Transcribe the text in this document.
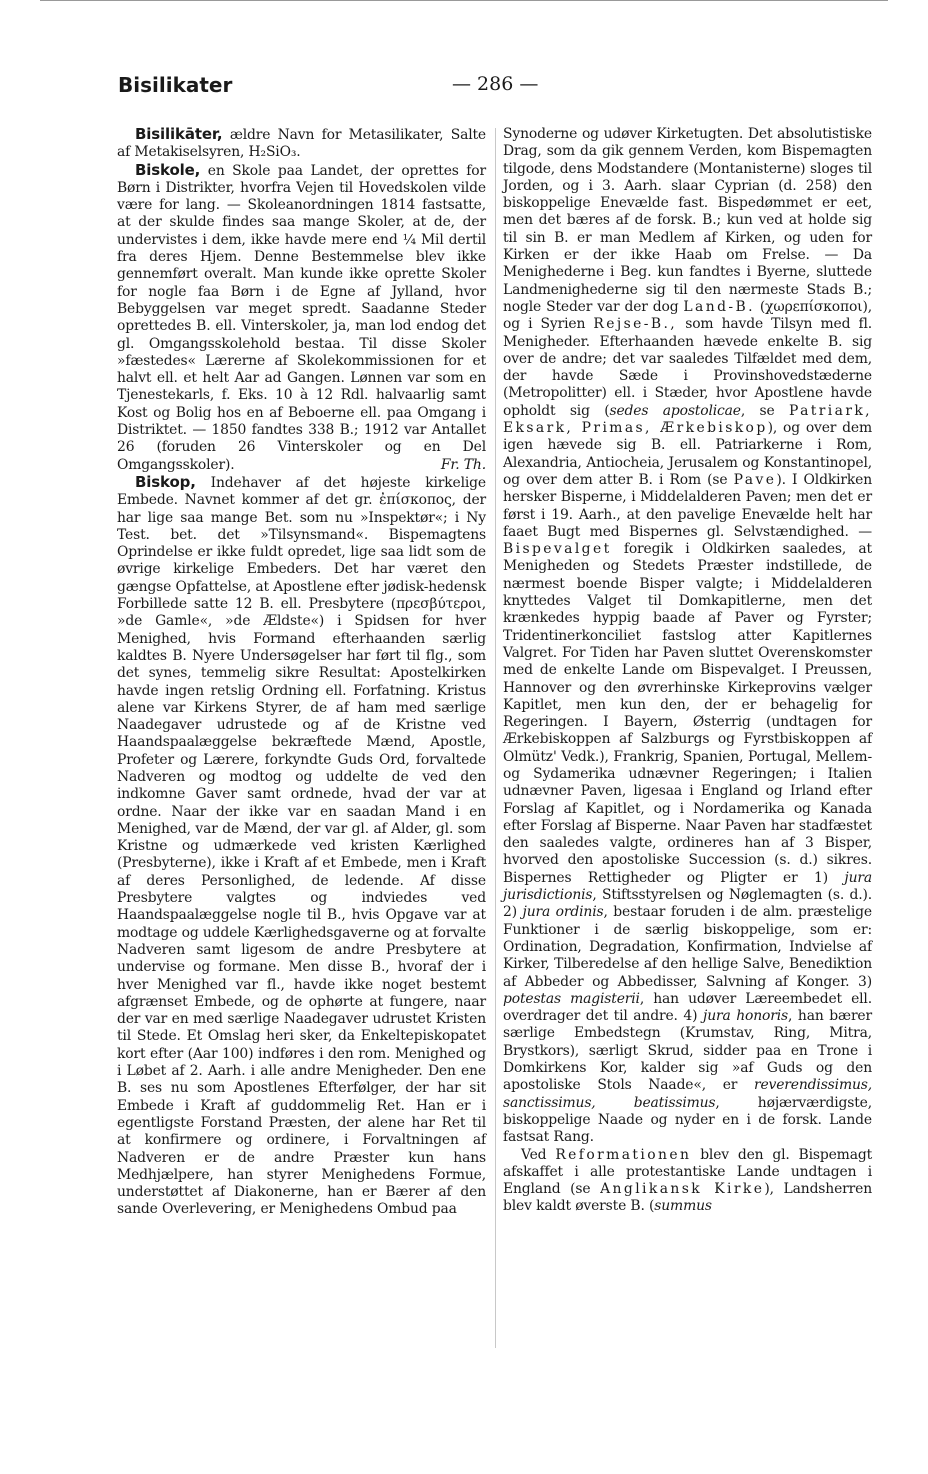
Bisilikater	— 286 —

Bisilikāter, ældre Navn for Metasilikater, Salte af Metakiselsyren, H₂SiO₃.

Biskole, en Skole paa Landet, der oprettes for Børn i Distrikter, hvorfra Vejen til Hovedskolen vilde være for lang. — Skoleanordningen 1814 fastsatte, at der skulde findes saa mange Skoler, at de, der undervistes i dem, ikke havde mere end ¼ Mil dertil fra deres Hjem. Denne Bestemmelse blev ikke gennemført overalt. Man kunde ikke oprette Skoler for nogle faa Børn i de Egne af Jylland, hvor Bebyggelsen var meget spredt. Saadanne Steder oprettedes B. ell. Vinterskoler, ja, man lod endog det gl. Omgangsskolehold bestaa. Til disse Skoler »fæstedes« Lærerne af Skolekommissionen for et halvt ell. et helt Aar ad Gangen. Lønnen var som en Tjenestekarls, f. Eks. 10 à 12 Rdl. halvaarlig samt Kost og Bolig hos en af Beboerne ell. paa Omgang i Distriktet. — 1850 fandtes 338 B.; 1912 var Antallet 26 (foruden 26 Vinterskoler og en Del Omgangsskoler).	Fr. Th.

Biskop, Indehaver af det højeste kirkelige Embede. Navnet kommer af det gr. ἐπίσκοπος, der har lige saa mange Bet. som nu »Inspektør«; i Ny Test. bet. det »Tilsynsmand«. Bispemagtens Oprindelse er ikke fuldt opredet, lige saa lidt som de øvrige kirkelige Embeders. Det har været den gængse Opfattelse, at Apostlene efter jødisk-hedensk Forbillede satte 12 B. ell. Presbytere (πρεσβύτεροι, »de Gamle«, »de Ældste«) i Spidsen for hver Menighed, hvis Formand efterhaanden særlig kaldtes B. Nyere Undersøgelser har ført til flg., som det synes, temmelig sikre Resultat: Apostelkirken havde ingen retslig Ordning ell. Forfatning. Kristus alene var Kirkens Styrer, de af ham med særlige Naadegaver udrustede og af de Kristne ved Haandspaalæggelse bekræftede Mænd, Apostle, Profeter og Lærere, forkyndte Guds Ord, forvaltede Nadveren og modtog og uddelte de ved den indkomne Gaver samt ordnede, hvad der var at ordne. Naar der ikke var en saadan Mand i en Menighed, var de Mænd, der var gl. af Alder, gl. som Kristne og udmærkede ved kristen Kærlighed (Presbyterne), ikke i Kraft af et Embede, men i Kraft af deres Personlighed, de ledende. Af disse Presbytere valgtes og indviedes ved Haandspaalæggelse nogle til B., hvis Opgave var at modtage og uddele Kærlighedsgaverne og at forvalte Nadveren samt ligesom de andre Presbytere at undervise og formane. Men disse B., hvoraf der i hver Menighed var fl., havde ikke noget bestemt afgrænset Embede, og de ophørte at fungere, naar der var en med særlige Naadegaver udrustet Kristen til Stede. Et Omslag heri sker, da Enkeltepiskopatet kort efter (Aar 100) indføres i den rom. Menighed og i Løbet af 2. Aarh. i alle andre Menigheder. Den ene B. ses nu som Apostlenes Efterfølger, der har sit Embede i Kraft af guddommelig Ret. Han er i egentligste Forstand Præsten, der alene har Ret til at konfirmere og ordinere, i Forvaltningen af Nadveren er de andre Præster kun hans Medhjælpere, han styrer Menighedens Formue, understøttet af Diakonerne, han er Bærer af den sande Overlevering, er Menighedens Ombud paa

Synoderne og udøver Kirketugten. Det absolutistiske Drag, som da gik gennem Verden, kom Bispemagten tilgode, dens Modstandere (Montanisterne) sloges til Jorden, og i 3. Aarh. slaar Cyprian (d. 258) den biskoppelige Enevælde fast. Bispedømmet er eet, men det bæres af de forsk. B.; kun ved at holde sig til sin B. er man Medlem af Kirken, og uden for Kirken er der ikke Haab om Frelse. — Da Menighederne i Beg. kun fandtes i Byerne, sluttede Landmenighederne sig til den nærmeste Stads B.; nogle Steder var der dog Land-B. (χωρεπίσκοποι), og i Syrien Rejse-B., som havde Tilsyn med fl. Menigheder. Efterhaanden hævede enkelte B. sig over de andre; det var saaledes Tilfældet med dem, der havde Sæde i Provinshovedstæderne (Metropolitter) ell. i Stæder, hvor Apostlene havde opholdt sig (sedes apostolicae, se Patriark, Eksark, Primas, Ærkebiskop), og over dem igen hævede sig B. ell. Patriarkerne i Rom, Alexandria, Antiocheia, Jerusalem og Konstantinopel, og over dem atter B. i Rom (se Pave). I Oldkirken hersker Bisperne, i Middelalderen Paven; men det er først i 19. Aarh., at den pavelige Enevælde helt har faaet Bugt med Bispernes gl. Selvstændighed. — Bispevalget foregik i Oldkirken saaledes, at Menigheden og Stedets Præster indstillede, de nærmest boende Bisper valgte; i Middelalderen knyttedes Valget til Domkapitlerne, men det krænkedes hyppig baade af Paver og Fyrster; Tridentinerkonciliet fastslog atter Kapitlernes Valgret. For Tiden har Paven sluttet Overenskomster med de enkelte Lande om Bispevalget. I Preussen, Hannover og den øvrerhinske Kirkeprovins vælger Kapitlet, men kun den, der er behagelig for Regeringen. I Bayern, Østerrig (undtagen for Ærkebiskoppen af Salzburgs og Fyrstbiskoppen af Olmütz' Vedk.), Frankrig, Spanien, Portugal, Mellem- og Sydamerika udnævner Regeringen; i Italien udnævner Paven, ligesaa i England og Irland efter Forslag af Kapitlet, og i Nordamerika og Kanada efter Forslag af Bisperne. Naar Paven har stadfæstet den saaledes valgte, ordineres han af 3 Bisper, hvorved den apostoliske Succession (s. d.) sikres. Bispernes Rettigheder og Pligter er 1) jura jurisdictionis, Stiftsstyrelsen og Nøglemagten (s. d.). 2) jura ordinis, bestaar foruden i de alm. præstelige Funktioner i de særlig biskoppelige, som er: Ordination, Degradation, Konfirmation, Indvielse af Kirker, Tilberedelse af den hellige Salve, Benediktion af Abbeder og Abbedisser, Salvning af Konger. 3) potestas magisterii, han udøver Læreembedet ell. overdrager det til andre. 4) jura honoris, han bærer særlige Embedstegn (Krumstav, Ring, Mitra, Brystkors), særligt Skrud, sidder paa en Trone i Domkirkens Kor, kalder sig »af Guds og den apostoliske Stols Naade«, er reverendissimus, sanctissimus, beatissimus, højærværdigste, biskoppelige Naade og nyder en i de forsk. Lande fastsat Rang.

Ved Reformationen blev den gl. Bispemagt afskaffet i alle protestantiske Lande undtagen i England (se Anglikansk Kirke), Landsherren blev kaldt øverste B. (summus
